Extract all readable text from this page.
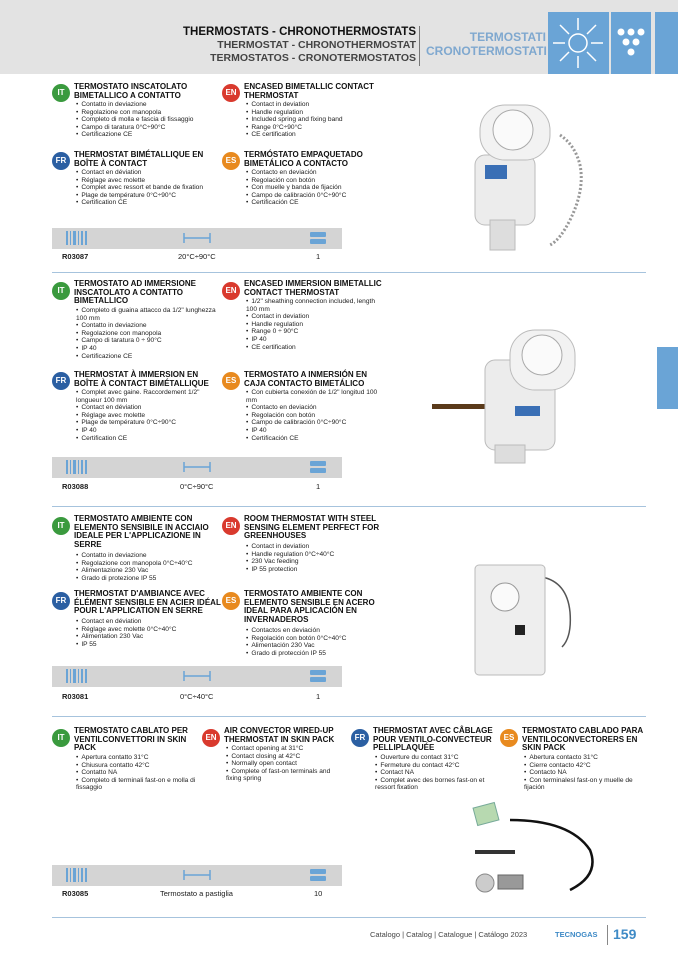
THERMOSTATS - CHRONOTHERMOSTATS
THERMOSTAT - CHRONOTHERMOSTAT
TERMOSTATOS - CRONOTERMOSTATOS
TERMOSTATI
CRONOTERMOSTATI
IT
TERMOSTATO INSCATOLATO BIMETALLICO A CONTATTO
• Contatto in deviazione
• Regolazione con manopola
• Completo di molla e fascia di fissaggio
• Campo di taratura 0°C÷90°C
• Certificazione CE
EN
ENCASED BIMETALLIC CONTACT THERMOSTAT
• Contact in deviation
• Handle regulation
• Included spring and fixing band
• Range 0°C÷90°C
• CE certification
FR
THERMOSTAT BIMÉTALLIQUE EN BOÎTE À CONTACT
• Contact en déviation
• Réglage avec molette
• Complet avec ressort et bande de fixation
• Plage de température 0°C÷90°C
• Certification CE
ES
TERMÓSTATO EMPAQUETADO BIMETÁLICO A CONTACTO
• Contacto en deviación
• Regolación con botón
• Con muelle y banda de fijación
• Campo de calibración 0°C÷90°C
• Certificación CE
R03087	20°C÷90°C	1
IT
TERMOSTATO AD IMMERSIONE INSCATOLATO A CONTATTO BIMETALLICO
• Completo di guaina attacco da 1/2" lunghezza 100 mm
• Contatto in deviazione
• Regolazione con manopola
• Campo di taratura 0 ÷ 90°C
• IP 40
• Certificazione CE
EN
ENCASED IMMERSION BIMETALLIC CONTACT THERMOSTAT
• 1/2" sheathing connection included, length 100 mm
• Contact in deviation
• Handle regulation
• Range 0 ÷ 90°C
• IP 40
• CE certification
FR
THERMOSTAT À IMMERSION EN BOÎTE À CONTACT BIMÉTALLIQUE
• Complet avec gaine. Raccordement 1/2" longueur 100 mm
• Contact en déviation
• Réglage avec molette
• Plage de température 0°C÷90°C
• IP 40
• Certification CE
ES
TERMOSTATO A INMERSIÓN EN CAJA CONTACTO BIMETÁLICO
• Con cubierta conexión de 1/2" longitud 100 mm
• Contacto en deviación
• Regolación con botón
• Campo de calibración 0°C÷90°C
• IP 40
• Certificación CE
R03088	0°C÷90°C	1
IT
TERMOSTATO AMBIENTE CON ELEMENTO SENSIBILE IN ACCIAIO IDEALE PER L'APPLICAZIONE IN SERRE
• Contatto in deviazione
• Regolazione con manopola 0°C÷40°C
• Alimentazione 230 Vac
• Grado di protezione IP 55
EN
ROOM THERMOSTAT WITH STEEL SENSING ELEMENT PERFECT FOR GREENHOUSES
• Contact in deviation
• Handle regulation 0°C÷40°C
• 230 Vac feeding
• IP 55 protection
FR
THERMOSTAT D'AMBIANCE AVEC ÉLÉMENT SENSIBLE EN ACIER IDÉAL POUR L'APPLICATION EN SERRE
• Contact en déviation
• Réglage avec molette 0°C÷40°C
• Alimentation 230 Vac
• IP 55
ES
TERMOSTATO AMBIENTE CON ELEMENTO SENSIBLE EN ACERO IDEAL PARA APLICACIÓN EN INVERNADEROS
• Contactos en deviación
• Regolación con botón 0°C÷40°C
• Alimentación 230 Vac
• Grado di protección IP 55
R03081	0°C÷40°C	1
IT
TERMOSTATO CABLATO PER VENTILCONVETTORI IN SKIN PACK
• Apertura contatto 31°C
• Chiusura contatto 42°C
• Contatto NA
• Completo di terminali fast-on e molla di fissaggio
EN
AIR CONVECTOR WIRED-UP THERMOSTAT IN SKIN PACK
• Contact opening at 31°C
• Contact closing at 42°C
• Normally open contact
• Complete of fast-on terminals and fixing spring
FR
THERMOSTAT AVEC CÂBLAGE POUR VENTILO-CONVECTEUR PELLIPLAQUÉE
• Ouverture du contact 31°C
• Fermeture du contact 42°C
• Contact NA
• Complet avec des bornes fast-on et ressort fixation
ES
TERMOSTATO CABLADO PARA VENTILOCONVECTORERS EN SKIN PACK
• Abertura contacto 31°C
• Cierre contacto 42°C
• Contacto NA
• Con terminalesl fast-on y muelle de fijación
R03085	Termostato a pastiglia	10
Catalogo | Catalog | Catalogue | Catálogo 2023	TECNOGAS 159
